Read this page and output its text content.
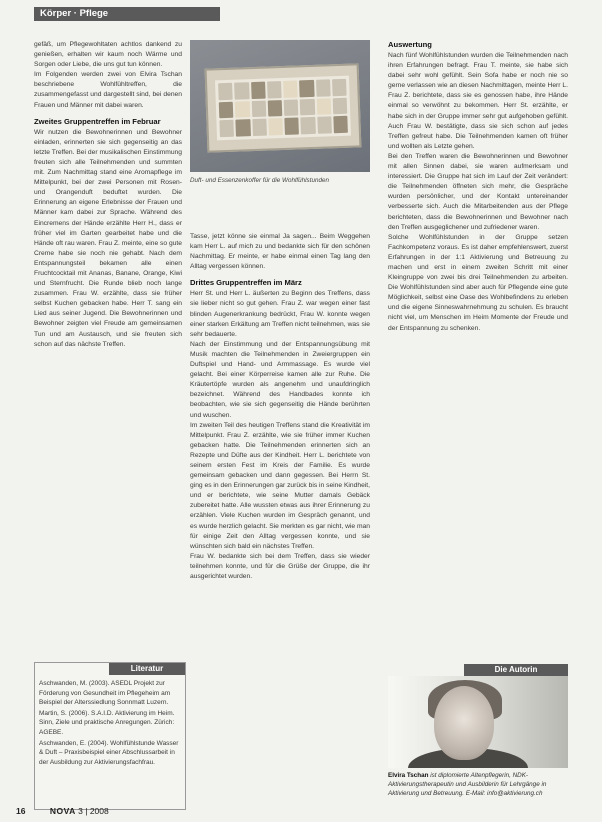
Körper · Pflege

gefäß, um Pflegewohltaten achtlos dankend zu genießen, erhalten wir kaum noch Wärme und Sorgen oder Liebe, die uns gut tun können.

Im Folgenden werden zwei von Elvira Tschan beschriebene Wohlfühltreffen, die zusammengefasst und dargestellt sind, bei denen Frauen und Männer mit dabei waren.

Zweites Gruppentreffen im Februar

Wir nutzen die Bewohnerinnen und Bewohner einladen, erinnerten sie sich gegenseitig an das letzte Treffen. Bei der musikalischen Einstimmung freuten sich alle Teilnehmenden und summten mit. Zum Nachmittag stand eine Aromapflege im Mittelpunkt, bei der zwei Personen mit Rosen- und Orangenduft beduftet wurden. Die Erinnerung an eigene Erlebnisse der Frauen und Männer kam dabei zur Sprache. Während des Eincremens der Hände erzählte Herr H., dass er früher viel im Garten gearbeitet habe und die Hände oft rau waren. Frau Z. meinte, eine so gute Creme habe sie noch nie gehabt. Nach dem Entspannungsteil bekamen alle einen Fruchtcocktail mit Ananas, Banane, Orange, Kiwi und Sternfrucht. Die Runde blieb noch lange zusammen. Frau W. erzählte, dass sie früher selbst Kuchen gebacken habe. Herr T. sang ein Lied aus seiner Jugend. Die Bewohnerinnen und Bewohner zeigten viel Freude am gemeinsamen Tun und am Austausch, und sie freuten sich schon auf das nächste Treffen.

Duft- und Essenzenkoffer für die Wohlfühlstunden

Tasse, jetzt könne sie einmal Ja sagen... Beim Weggehen kam Herr L. auf mich zu und bedankte sich für den schönen Nachmittag. Er meinte, er habe einmal einen Tag lang den Alltag vergessen können.

Drittes Gruppentreffen im März

Herr St. und Herr L. äußerten zu Beginn des Treffens, dass sie lieber nicht so gut gehen. Frau Z. war wegen einer fast blinden Augenerkrankung bedrückt, Frau W. konnte wegen einer starken Erkältung am Treffen nicht teilnehmen, was sie sehr bedauerte.

Nach der Einstimmung und der Entspannungsübung mit Musik machten die Teilnehmenden in Zweiergruppen ein Duftspiel und Hand- und Armmassage. Es wurde viel gelacht. Bei einer Körperreise kamen alle zur Ruhe. Die Kräutertöpfe wurden als angenehm und unaufdringlich bezeichnet. Während des Handbades konnte ich beobachten, wie sie sich gegenseitig die Hände berührten und wuschen.

Im zweiten Teil des heutigen Treffens stand die Kreativität im Mittelpunkt. Frau Z. erzählte, wie sie früher immer Kuchen gebacken hatte. Die Teilnehmenden erinnerten sich an Rezepte und Düfte aus der Kindheit. Herr L. berichtete von seinem ersten Fest im Kreis der Familie. Es wurde gemeinsam gebacken und dann gegessen. Bei Herrn St. ging es in den Erinnerungen gar zurück bis in seine Kindheit, und er berichtete, wie seine Mutter damals Gebäck zubereitet hatte. Alle wussten etwas aus ihrer Erinnerung zu erzählen. Viele Kuchen wurden im Gespräch genannt, und es wurde herzlich gelacht. Sie merkten es gar nicht, wie man für einige Zeit den Alltag vergessen konnte, und sie wünschten sich bald ein nächstes Treffen.

Frau W. bedankte sich bei dem Treffen, dass sie wieder teilnehmen konnte, und für die Grüße der Gruppe, die ihr ausgerichtet wurden.

Auswertung

Nach fünf Wohlfühlstunden wurden die Teilnehmenden nach ihren Erfahrungen befragt. Frau T. meinte, sie habe sich dabei sehr wohl gefühlt. Sein Sofa habe er noch nie so gerne verlassen wie an diesen Nachmittagen, meinte Herr L. Frau Z. berichtete, dass sie es genossen habe, ihre Hände einmal so verwöhnt zu bekommen. Herr St. erzählte, er habe sich in der Gruppe immer sehr gut aufgehoben gefühlt. Auch Frau W. bestätigte, dass sie sich schon auf jedes Treffen gefreut habe. Die Teilnehmenden kamen oft früher und wollten als Letzte gehen.

Bei den Treffen waren die Bewohnerinnen und Bewohner mit allen Sinnen dabei, sie waren aufmerksam und interessiert. Die Gruppe hat sich im Lauf der Zeit verändert: die Teilnehmenden öffneten sich mehr, die Gespräche wurden persönlicher, und der Kontakt untereinander verbesserte sich. Auch die Mitarbeitenden aus der Pflege berichteten, dass die Bewohnerinnen und Bewohner nach den Treffen ausgeglichener und zufriedener waren.

Solche Wohlfühlstunden in der Gruppe setzen Fachkompetenz voraus. Es ist daher empfehlenswert, zuerst Erfahrungen in der 1:1 Aktivierung und Betreuung zu machen und erst in einem zweiten Schritt mit einer Kleingruppe von zwei bis drei Teilnehmenden zu arbeiten. Die Wohlfühlstunden sind aber auch für Pflegende eine gute Möglichkeit, selbst eine Oase des Wohlbefindens zu erleben und die eigene Sinneswahrnehmung zu schulen. Es braucht nicht viel, um Menschen im Heim Momente der Freude und der Entspannung zu schenken.

Literatur

Aschwanden, M. (2003). ASEDL Projekt zur Förderung von Gesundheit im Pflegeheim am Beispiel der Alterssiedlung Sonnmatt Luzern.

Martin, S. (2006). S.A.I.D. Aktivierung im Heim. Sinn, Ziele und praktische Anregungen. Zürich: AGEBE.

Aschwanden, E. (2004). Wohlfühlstunde Wasser & Duft – Praxisbeispiel einer Abschlussarbeit in der Ausbildung zur Aktivierungsfachfrau.

Die Autorin
Elvira Tschan ist diplomierte Altenpflegerin, NDK-Aktivierungstherapeutin und Ausbilderin für Lehrgänge in Aktivierung und Betreuung. E-Mail: info@aktivierung.ch
16	NOVA 3 | 2008
